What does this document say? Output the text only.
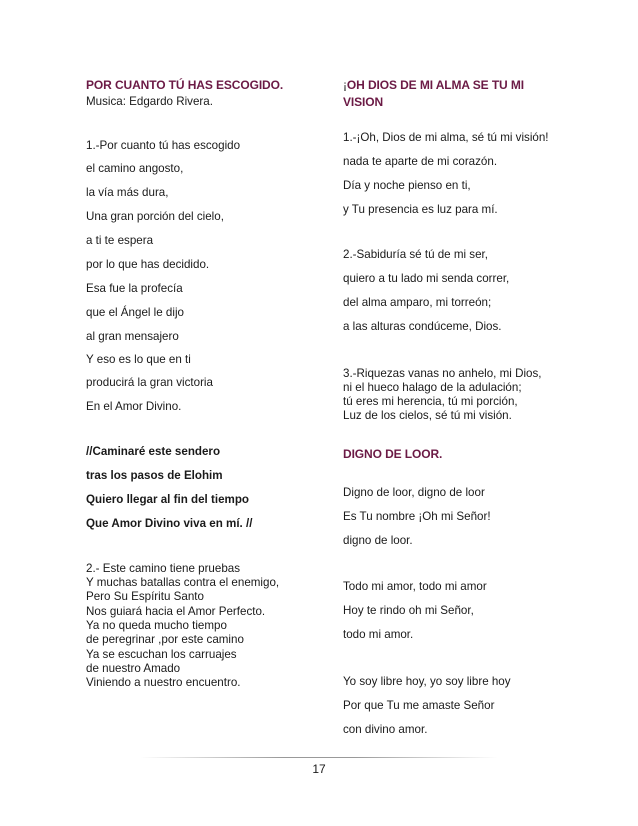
POR CUANTO TÚ HAS ESCOGIDO.
Musica: Edgardo Rivera.
1.-Por cuanto tú has escogido
el camino angosto,
la vía más dura,
Una gran porción del cielo,
a ti te espera
por lo que has decidido.
Esa fue la profecía
que el Ángel le dijo
al gran mensajero
Y eso es lo que en ti
producirá la gran victoria
En el Amor Divino.
//Caminaré este sendero
tras los pasos de Elohim
Quiero llegar al fin del tiempo
Que Amor Divino viva en mí. //
2.- Este camino tiene pruebas
Y muchas batallas contra el enemigo,
Pero Su Espíritu Santo
Nos guiará hacia el Amor Perfecto.
Ya no queda mucho tiempo
de peregrinar ,por este camino
Ya se escuchan los carruajes
de nuestro Amado
Viniendo a nuestro encuentro.
¡OH DIOS DE MI ALMA SE TU MI
VISION
1.-¡Oh, Dios de mi alma, sé tú mi visión!
nada te aparte de mi corazón.
Día y noche pienso en ti,
y Tu presencia es luz para mí.
2.-Sabiduría sé tú de mi ser,
quiero a tu lado mi senda correr,
del alma amparo, mi torreón;
a las alturas condúceme, Dios.
3.-Riquezas vanas no anhelo, mi Dios,
ni el hueco halago de la adulación;
tú eres mi herencia, tú mi porción,
Luz de los cielos, sé tú mi visión.
DIGNO DE LOOR.
Digno de loor, digno de loor
Es Tu nombre ¡Oh mi Señor!
digno de loor.
Todo mi amor, todo mi amor
Hoy te rindo oh mi Señor,
todo mi amor.
Yo soy libre hoy, yo soy libre hoy
Por que Tu me amaste Señor
con divino amor.
17
